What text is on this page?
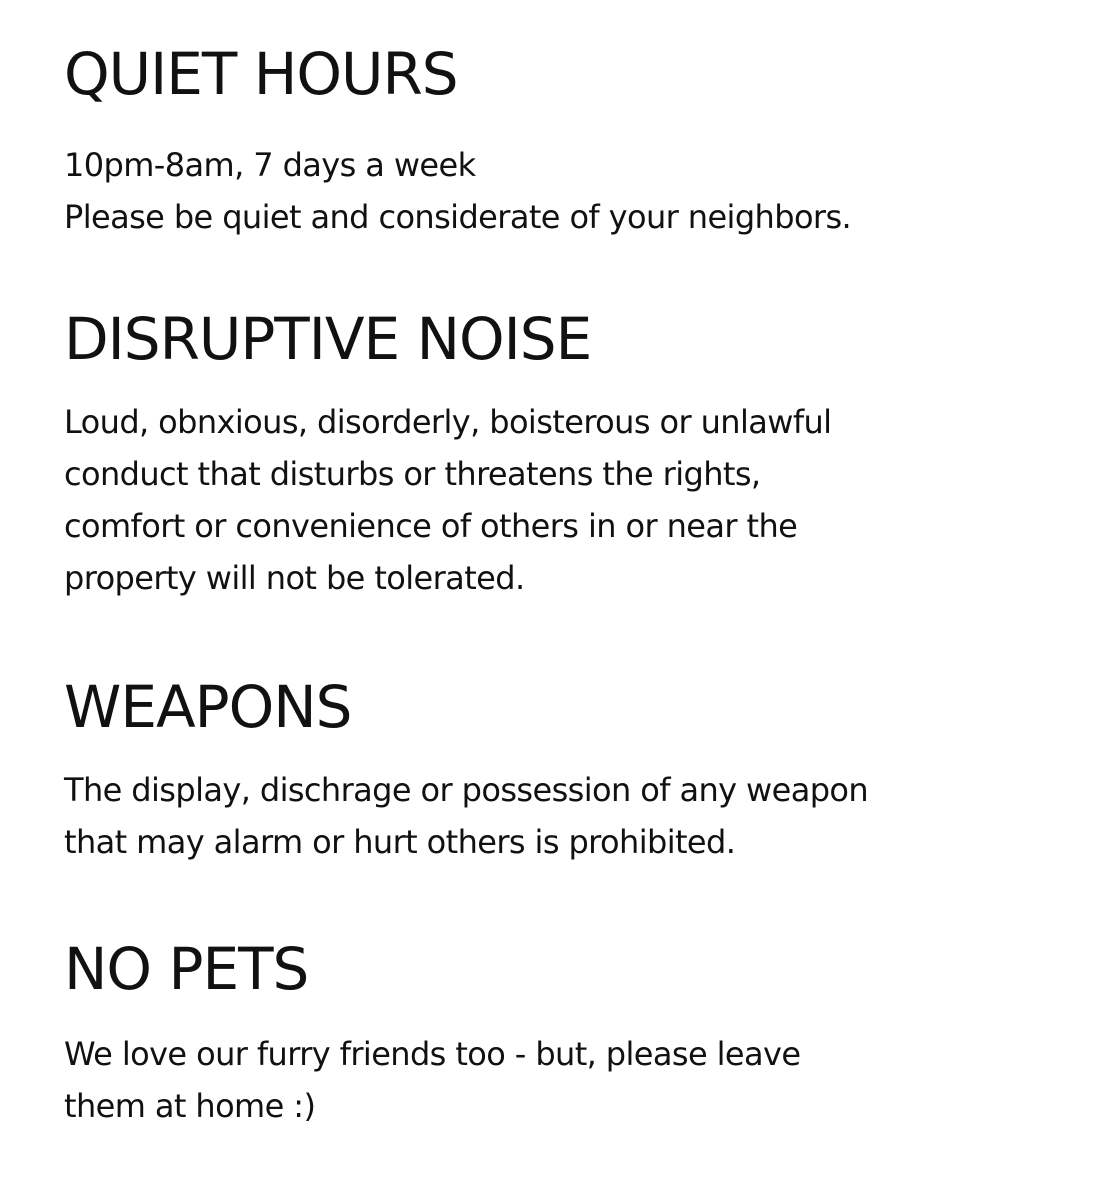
QUIET HOURS

10pm-8am, 7 days a week
Please be quiet and considerate of your neighbors.

DISRUPTIVE NOISE

Loud, obnxious, disorderly, boisterous or unlawful
conduct that disturbs or threatens the rights,
comfort or convenience of others in or near the
property will not be tolerated.

WEAPONS

The display, dischrage or possession of any weapon
that may alarm or hurt others is prohibited.

NO PETS

We love our furry friends too - but, please leave
them at home :)
